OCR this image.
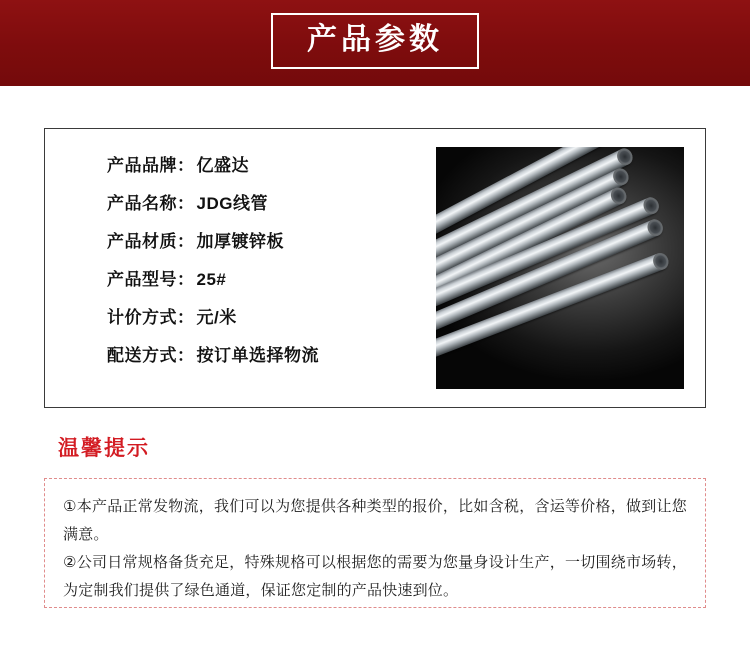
产品参数
产品品牌： 亿盛达
产品名称： JDG线管
产品材质： 加厚镀锌板
产品型号： 25#
计价方式： 元/米
配送方式： 按订单选择物流
温馨提示
①本产品正常发物流，我们可以为您提供各种类型的报价，比如含税，含运等价格，做到让您满意。
②公司日常规格备货充足，特殊规格可以根据您的需要为您量身设计生产，一切围绕市场转，为定制我们提供了绿色通道，保证您定制的产品快速到位。
